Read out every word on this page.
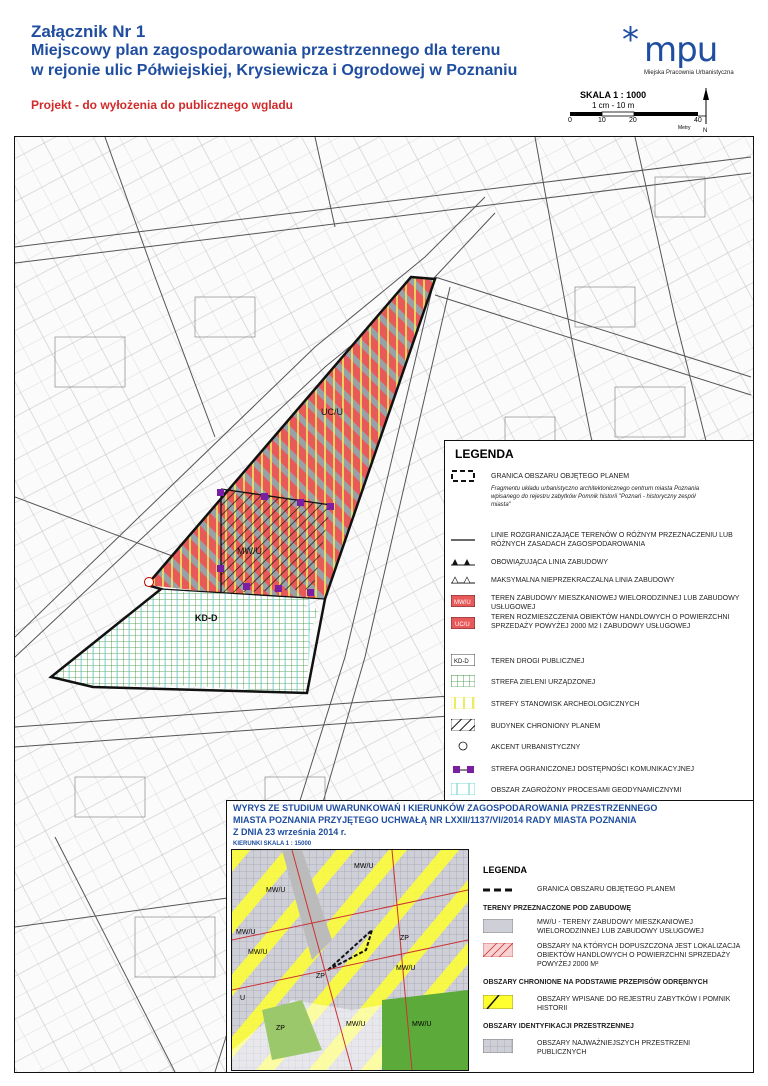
Załącznik Nr 1
Miejscowy plan zagospodarowania przestrzennego dla terenu
w rejonie ulic Półwiejskiej, Krysiewicza i Ogrodowej w Poznaniu
Projekt - do wyłożenia do publicznego wgladu
* mpu
Miejska Pracownia Urbanistyczna
SKALA 1 : 1000
1 cm - 10 m
0	10	20	40
Metry N
UC/U
MW/U
KD-D
LEGENDA
GRANICA OBSZARU OBJĘTEGO PLANEM
Fragmentu układu urbanistyczno architektonicznego centrum miasta Poznania wpisanego do rejestru zabytków Pomnik historii "Poznań - historyczny zespół miasta"
LINIE ROZGRANICZAJĄCE TERENÓW O RÓŻNYM PRZEZNACZENIU LUB RÓŻNYCH ZASADACH ZAGOSPODAROWANIA
OBOWIĄZUJĄCA LINIA ZABUDOWY
MAKSYMALNA NIEPRZEKRACZALNA LINIA ZABUDOWY
MW/U
TEREN ZABUDOWY MIESZKANIOWEJ WIELORODZINNEJ LUB ZABUDOWY USŁUGOWEJ
UC/U
TEREN ROZMIESZCZENIA OBIEKTÓW HANDLOWYCH O POWIERZCHNI SPRZEDAŻY POWYŻEJ 2000 M2 I ZABUDOWY USŁUGOWEJ
KD-D	TEREN DROGI PUBLICZNEJ
STREFA ZIELENI URZĄDZONEJ
STREFY STANOWISK ARCHEOLOGICZNYCH
BUDYNEK CHRONIONY PLANEM
AKCENT URBANISTYCZNY
STREFA OGRANICZONEJ DOSTĘPNOŚCI KOMUNIKACYJNEJ
OBSZAR ZAGROŻONY PROCESAMI GEODYNAMICZNYMI
WYRYS ZE STUDIUM UWARUNKOWAŃ I KIERUNKÓW ZAGOSPODAROWANIA PRZESTRZENNEGO
MIASTA POZNANIA PRZYJĘTEGO UCHWAŁĄ NR LXXII/1137/VI/2014 RADY MIASTA POZNANIA
Z DNIA 23 września 2014 r.
KIERUNKI SKALA 1 : 15000
MW/U
MW/U
MW/U
MW/U
ZP
ZP
MW/U
MW/U
ZP
MW/U
U
LEGENDA
GRANICA OBSZARU OBJĘTEGO PLANEM
TERENY PRZEZNACZONE POD ZABUDOWĘ
MW/U - TERENY ZABUDOWY MIESZKANIOWEJ WIELORODZINNEJ LUB ZABUDOWY USŁUGOWEJ
OBSZARY NA KTÓRYCH DOPUSZCZONA JEST LOKALIZACJA OBIEKTÓW HANDLOWYCH O POWIERZCHNI SPRZEDAŻY POWYŻEJ 2000 M²
OBSZARY CHRONIONE NA PODSTAWIE PRZEPISÓW ODRĘBNYCH
OBSZARY WPISANE DO REJESTRU ZABYTKÓW I POMNIK HISTORII
OBSZARY IDENTYFIKACJI PRZESTRZENNEJ
OBSZARY NAJWAŻNIEJSZYCH PRZESTRZENI PUBLICZNYCH
